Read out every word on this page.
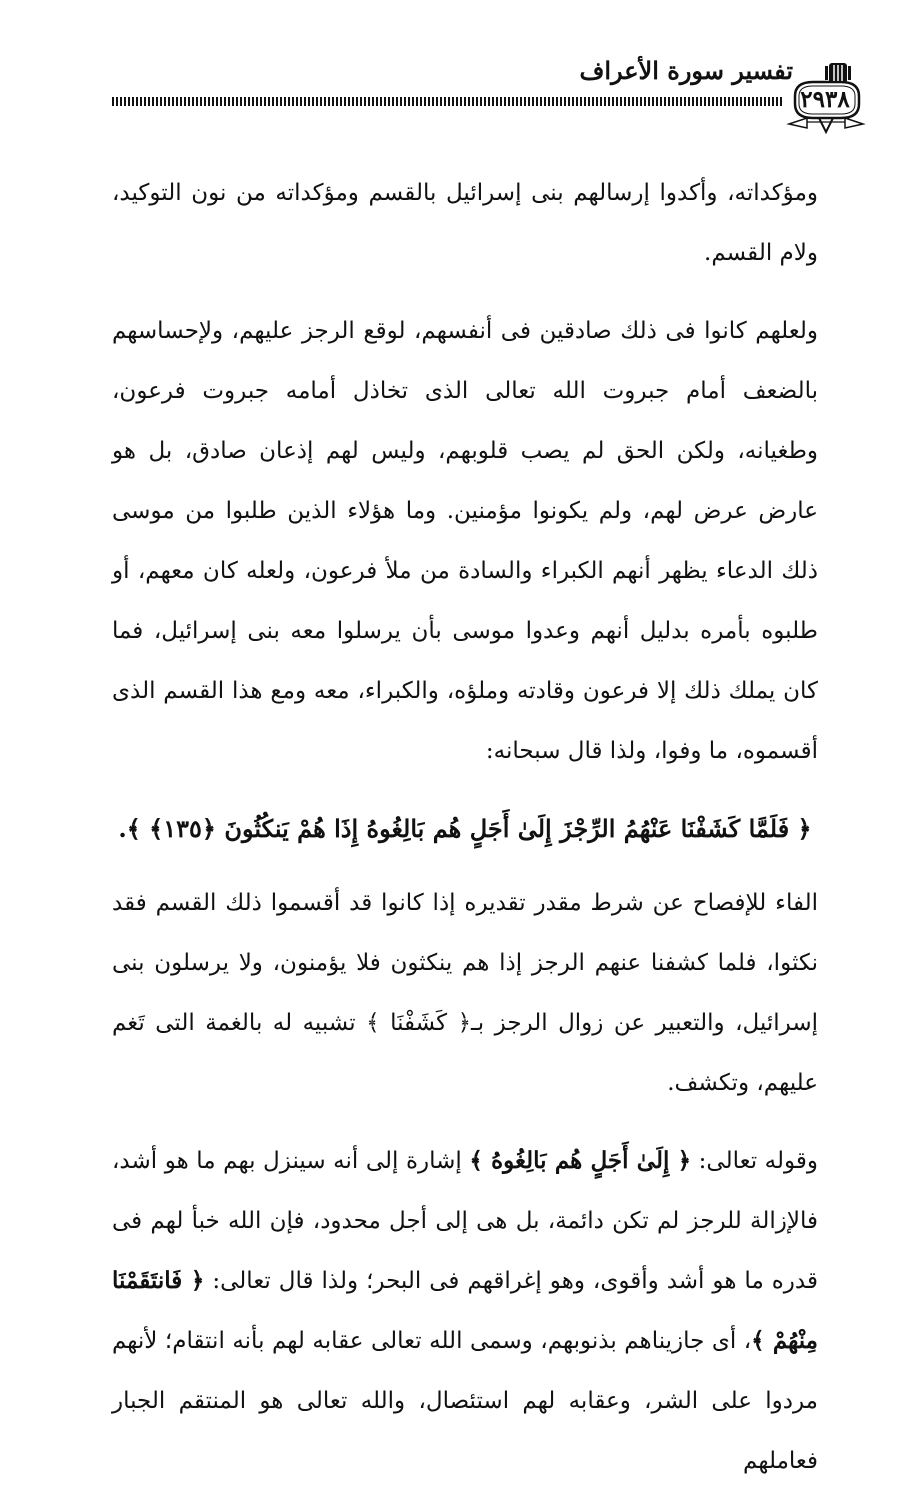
٢٩٣٨
تفسير سورة الأعراف

ومؤكداته، وأكدوا إرسالهم بنى إسرائيل بالقسم ومؤكداته من نون التوكيد، ولام القسم.

ولعلهم كانوا فى ذلك صادقين فى أنفسهم، لوقع الرجز عليهم، ولإحساسهم بالضعف أمام جبروت الله تعالى الذى تخاذل أمامه جبروت فرعون، وطغيانه، ولكن الحق لم يصب قلوبهم، وليس لهم إذعان صادق، بل هو عارض عرض لهم، ولم يكونوا مؤمنين. وما هؤلاء الذين طلبوا من موسى ذلك الدعاء يظهر أنهم الكبراء والسادة من ملأ فرعون، ولعله كان معهم، أو طلبوه بأمره بدليل أنهم وعدوا موسى بأن يرسلوا معه بنى إسرائيل، فما كان يملك ذلك إلا فرعون وقادته وملؤه، والكبراء، معه ومع هذا القسم الذى أقسموه، ما وفوا، ولذا قال سبحانه:

﴿ فَلَمَّا كَشَفْنَا عَنْهُمُ الرِّجْزَ إِلَىٰ أَجَلٍ هُم بَالِغُوهُ إِذَا هُمْ يَنكُثُونَ ﴿١٣٥﴾ ﴾.

الفاء للإفصاح عن شرط مقدر تقديره إذا كانوا قد أقسموا ذلك القسم فقد نكثوا، فلما كشفنا عنهم الرجز إذا هم ينكثون فلا يؤمنون، ولا يرسلون بنى إسرائيل، والتعبير عن زوال الرجز بـ﴿ كَشَفْنَا ﴾ تشبيه له بالغمة التى تَغم عليهم، وتكشف.

وقوله تعالى: ﴿ إِلَىٰ أَجَلٍ هُم بَالِغُوهُ ﴾ إشارة إلى أنه سينزل بهم ما هو أشد، فالإزالة للرجز لم تكن دائمة، بل هى إلى أجل محدود، فإن الله خبأ لهم فى قدره ما هو أشد وأقوى، وهو إغراقهم فى البحر؛ ولذا قال تعالى: ﴿ فَانتَقَمْنَا مِنْهُمْ ﴾، أى جازيناهم بذنوبهم، وسمى الله تعالى عقابه لهم بأنه انتقام؛ لأنهم مردوا على الشر، وعقابه لهم استئصال، والله تعالى هو المنتقم الجبار فعاملهم
